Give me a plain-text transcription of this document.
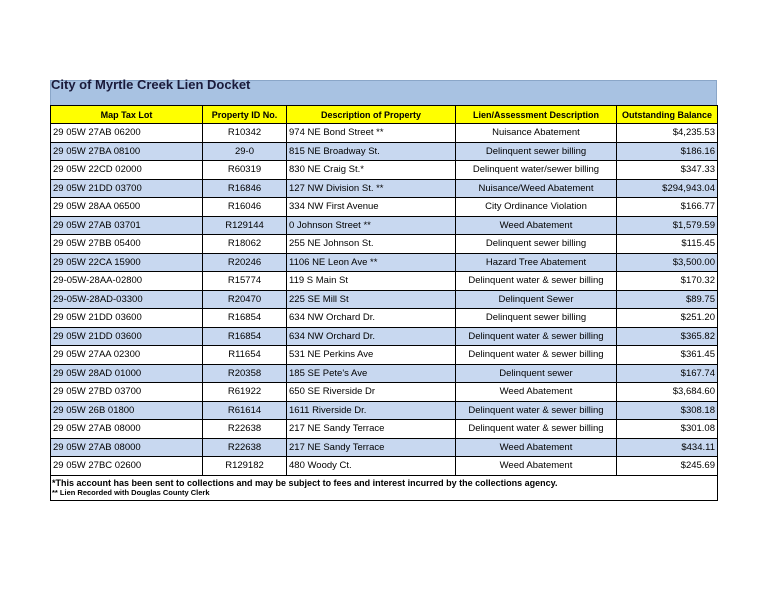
City of Myrtle Creek Lien Docket
Map Tax Lot	Property ID No.	Description of Property	Lien/Assessment Description	Outstanding Balance
29 05W 27AB 06200	R10342	974 NE Bond Street **	Nuisance Abatement	$4,235.53
29 05W 27BA 08100	29-0	815 NE Broadway St.	Delinquent sewer billing	$186.16
29 05W 22CD 02000	R60319	830 NE Craig St.*	Delinquent water/sewer billing	$347.33
29 05W 21DD 03700	R16846	127 NW Division St. **	Nuisance/Weed Abatement	$294,943.04
29 05W 28AA 06500	R16046	334 NW First Avenue	City Ordinance Violation	$166.77
29 05W 27AB 03701	R129144	0 Johnson Street **	Weed Abatement	$1,579.59
29 05W 27BB 05400	R18062	255 NE Johnson St.	Delinquent sewer billing	$115.45
29 05W 22CA 15900	R20246	1106 NE Leon Ave **	Hazard Tree Abatement	$3,500.00
29-05W-28AA-02800	R15774	119 S Main St	Delinquent water & sewer billing	$170.32
29-05W-28AD-03300	R20470	225 SE Mill St	Delinquent Sewer	$89.75
29 05W 21DD 03600	R16854	634 NW Orchard Dr.	Delinquent sewer billing	$251.20
29 05W 21DD 03600	R16854	634 NW Orchard Dr.	Delinquent water & sewer billing	$365.82
29 05W 27AA 02300	R11654	531 NE Perkins Ave	Delinquent water & sewer billing	$361.45
29 05W 28AD 01000	R20358	185 SE Pete's Ave	Delinquent sewer	$167.74
29 05W 27BD 03700	R61922	650 SE Riverside Dr	Weed Abatement	$3,684.60
29 05W 26B 01800	R61614	1611 Riverside Dr.	Delinquent water & sewer billing	$308.18
29 05W 27AB 08000	R22638	217 NE Sandy Terrace	Delinquent water & sewer billing	$301.08
29 05W 27AB 08000	R22638	217 NE Sandy Terrace	Weed Abatement	$434.11
29 05W 27BC 02600	R129182	480 Woody Ct.	Weed Abatement	$245.69
*This account has been sent to collections and may be subject to fees and interest incurred by the collections agency.
** Lien Recorded with Douglas County Clerk
